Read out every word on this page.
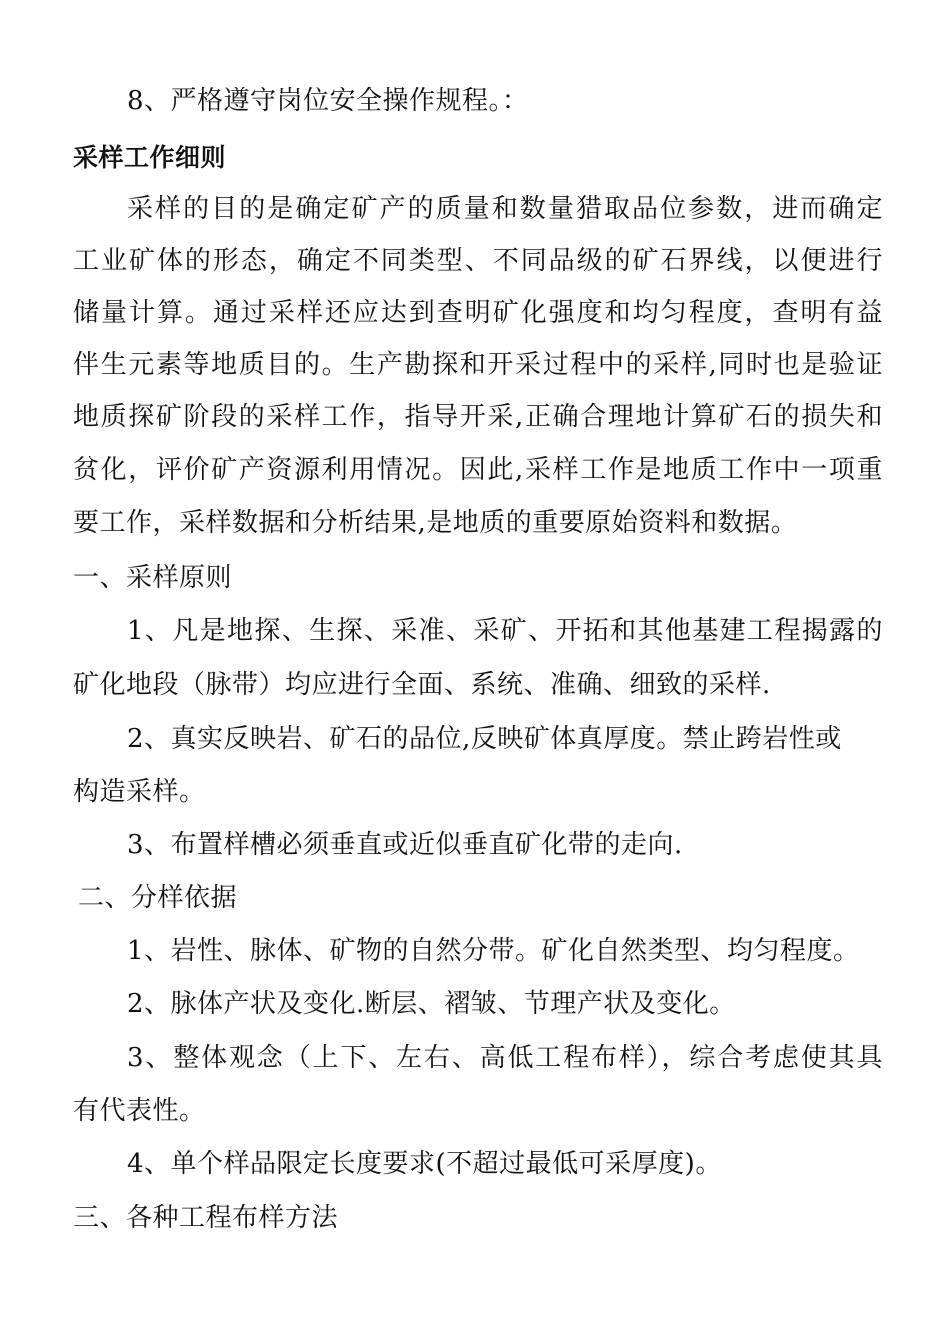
8、严格遵守岗位安全操作规程。：
采样工作细则
采样的目的是确定矿产的质量和数量猎取品位参数，进而确定
工业矿体的形态，确定不同类型、不同品级的矿石界线，以便进行
储量计算。通过采样还应达到查明矿化强度和均匀程度，查明有益
伴生元素等地质目的。生产勘探和开采过程中的采样,同时也是验证
地质探矿阶段的采样工作，指导开采,正确合理地计算矿石的损失和
贫化，评价矿产资源利用情况。因此,采样工作是地质工作中一项重
要工作，采样数据和分析结果,是地质的重要原始资料和数据。
一、采样原则
1、凡是地探、生探、采准、采矿、开拓和其他基建工程揭露的
矿化地段（脉带）均应进行全面、系统、准确、细致的采样.
2、真实反映岩、矿石的品位,反映矿体真厚度。禁止跨岩性或
构造采样。
3、布置样槽必须垂直或近似垂直矿化带的走向.
二、分样依据
1、岩性、脉体、矿物的自然分带。矿化自然类型、均匀程度。
2、脉体产状及变化.断层、褶皱、节理产状及变化。
3、整体观念（上下、左右、高低工程布样），综合考虑使其具
有代表性。
4、单个样品限定长度要求(不超过最低可采厚度)。
三、各种工程布样方法
